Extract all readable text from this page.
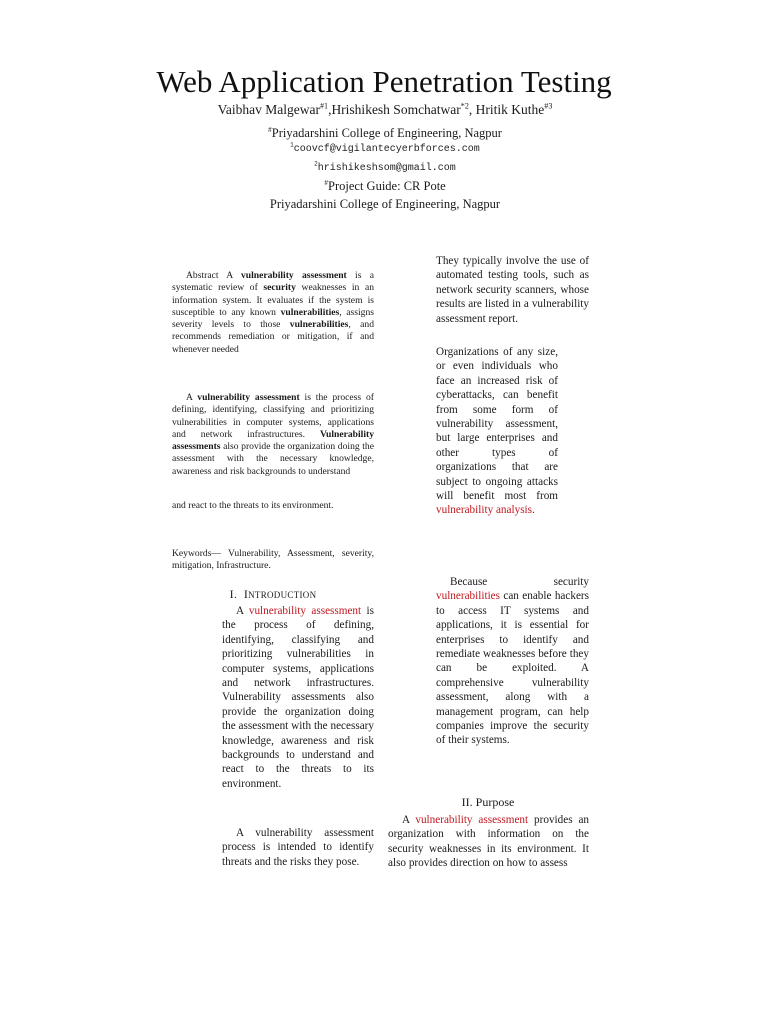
Web Application Penetration Testing
Vaibhav Malgewar$^{\#1}$,Hrishikesh Somchatwar$^{*2}$, Hritik Kuthe$^{\#3}$
#Priyadarshini College of Engineering, Nagpur
$^1$coovcf@vigilantecyerbforces.com
$^2$hrishikeshsom@gmail.com
#Project Guide: CR Pote
Priyadarshini College of Engineering, Nagpur
Abstract A vulnerability assessment is a systematic review of security weaknesses in an information system. It evaluates if the system is susceptible to any known vulnerabilities, assigns severity levels to those vulnerabilities, and recommends remediation or mitigation, if and whenever needed
A vulnerability assessment is the process of defining, identifying, classifying and prioritizing vulnerabilities in computer systems, applications and network infrastructures. Vulnerability assessments also provide the organization doing the assessment with the necessary knowledge, awareness and risk backgrounds to understand
and react to the threats to its environment.
Keywords— Vulnerability, Assessment, severity, mitigation, Infrastructure.
I. INTRODUCTION
A vulnerability assessment is the process of defining, identifying, classifying and prioritizing vulnerabilities in computer systems, applications and network infrastructures. Vulnerability assessments also provide the organization doing the assessment with the necessary knowledge, awareness and risk backgrounds to understand and react to the threats to its environment.
A vulnerability assessment process is intended to identify threats and the risks they pose.
They typically involve the use of automated testing tools, such as network security scanners, whose results are listed in a vulnerability assessment report.
Organizations of any size, or even individuals who face an increased risk of cyberattacks, can benefit from some form of vulnerability assessment, but large enterprises and other types of organizations that are subject to ongoing attacks will benefit most from vulnerability analysis.
Because security vulnerabilities can enable hackers to access IT systems and applications, it is essential for enterprises to identify and remediate weaknesses before they can be exploited. A comprehensive vulnerability assessment, along with a management program, can help companies improve the security of their systems.
II. Purpose
A vulnerability assessment provides an organization with information on the security weaknesses in its environment. It also provides direction on how to assess
